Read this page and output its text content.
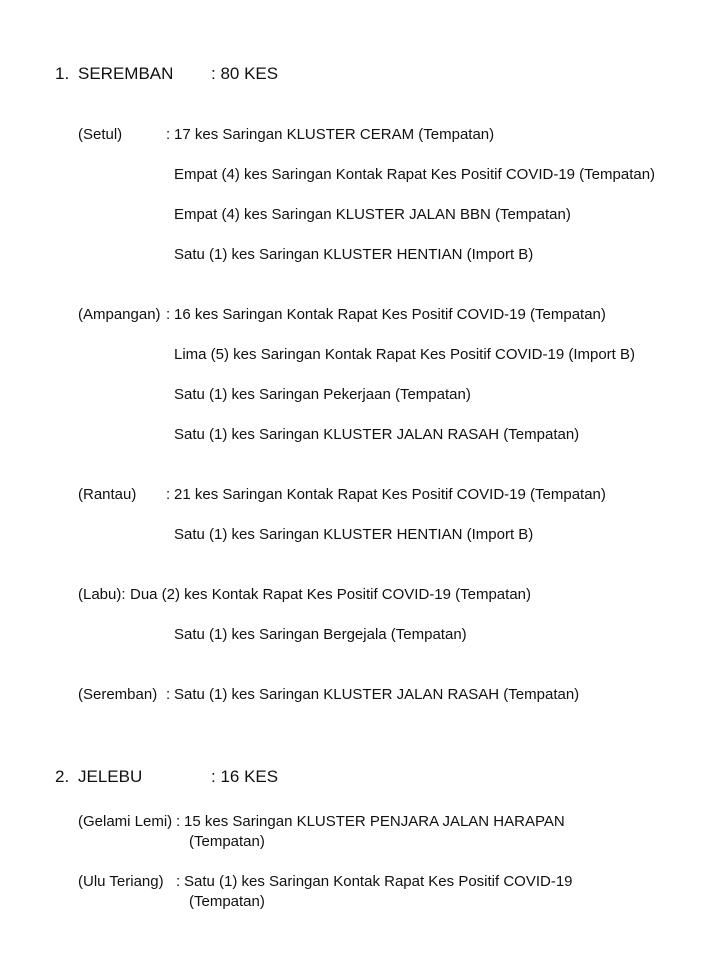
1. SEREMBAN : 80 KES
(Setul)	: 17 kes Saringan KLUSTER CERAM (Tempatan)
Empat (4) kes Saringan Kontak Rapat Kes Positif COVID-19 (Tempatan)
Empat (4) kes Saringan KLUSTER JALAN BBN (Tempatan)
Satu (1) kes Saringan KLUSTER HENTIAN (Import B)
(Ampangan) : 16 kes Saringan Kontak Rapat Kes Positif COVID-19 (Tempatan)
Lima (5) kes Saringan Kontak Rapat Kes Positif COVID-19 (Import B)
Satu (1) kes Saringan Pekerjaan (Tempatan)
Satu (1) kes Saringan KLUSTER JALAN RASAH (Tempatan)
(Rantau) : 21 kes Saringan Kontak Rapat Kes Positif COVID-19 (Tempatan)
Satu (1) kes Saringan KLUSTER HENTIAN (Import B)
(Labu): Dua (2) kes Kontak Rapat Kes Positif COVID-19 (Tempatan)
Satu (1) kes Saringan Bergejala (Tempatan)
(Seremban) : Satu (1) kes Saringan KLUSTER JALAN RASAH (Tempatan)
2. JELEBU	: 16 KES
(Gelami Lemi) : 15 kes Saringan KLUSTER PENJARA JALAN HARAPAN
(Tempatan)
(Ulu Teriang) : Satu (1) kes Saringan Kontak Rapat Kes Positif COVID-19
(Tempatan)
